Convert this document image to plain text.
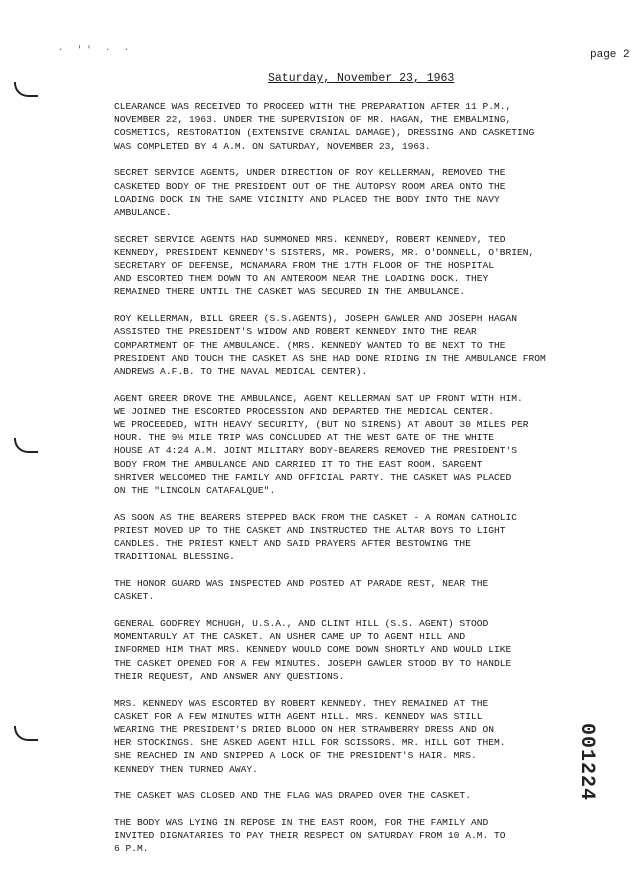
· '' · ·	page 2
Saturday, November 23, 1963

CLEARANCE WAS RECEIVED TO PROCEED WITH THE PREPARATION AFTER 11 P.M.,
NOVEMBER 22, 1963. UNDER THE SUPERVISION OF MR. HAGAN, THE EMBALMING,
COSMETICS, RESTORATION (EXTENSIVE CRANIAL DAMAGE), DRESSING AND CASKETING
WAS COMPLETED BY 4 A.M. ON SATURDAY, NOVEMBER 23, 1963.

SECRET SERVICE AGENTS, UNDER DIRECTION OF ROY KELLERMAN, REMOVED THE
CASKETED BODY OF THE PRESIDENT OUT OF THE AUTOPSY ROOM AREA ONTO THE
LOADING DOCK IN THE SAME VICINITY AND PLACED THE BODY INTO THE NAVY
AMBULANCE.

SECRET SERVICE AGENTS HAD SUMMONED MRS. KENNEDY, ROBERT KENNEDY, TED
KENNEDY, PRESIDENT KENNEDY'S SISTERS, MR. POWERS, MR. O'DONNELL, O'BRIEN,
SECRETARY OF DEFENSE, MCNAMARA FROM THE 17TH FLOOR OF THE HOSPITAL
AND ESCORTED THEM DOWN TO AN ANTEROOM NEAR THE LOADING DOCK. THEY
REMAINED THERE UNTIL THE CASKET WAS SECURED IN THE AMBULANCE.

ROY KELLERMAN, BILL GREER (S.S.AGENTS), JOSEPH GAWLER AND JOSEPH HAGAN
ASSISTED THE PRESIDENT'S WIDOW AND ROBERT KENNEDY INTO THE REAR
COMPARTMENT OF THE AMBULANCE. (MRS. KENNEDY WANTED TO BE NEXT TO THE
PRESIDENT AND TOUCH THE CASKET AS SHE HAD DONE RIDING IN THE AMBULANCE FROM
ANDREWS A.F.B. TO THE NAVAL MEDICAL CENTER).

AGENT GREER DROVE THE AMBULANCE, AGENT KELLERMAN SAT UP FRONT WITH HIM.
WE JOINED THE ESCORTED PROCESSION AND DEPARTED THE MEDICAL CENTER.
WE PROCEEDED, WITH HEAVY SECURITY, (BUT NO SIRENS) AT ABOUT 30 MILES PER
HOUR. THE 9½ MILE TRIP WAS CONCLUDED AT THE WEST GATE OF THE WHITE
HOUSE AT 4:24 A.M. JOINT MILITARY BODY-BEARERS REMOVED THE PRESIDENT'S
BODY FROM THE AMBULANCE AND CARRIED IT TO THE EAST ROOM. SARGENT
SHRIVER WELCOMED THE FAMILY AND OFFICIAL PARTY. THE CASKET WAS PLACED
ON THE "LINCOLN CATAFALQUE".

AS SOON AS THE BEARERS STEPPED BACK FROM THE CASKET - A ROMAN CATHOLIC
PRIEST MOVED UP TO THE CASKET AND INSTRUCTED THE ALTAR BOYS TO LIGHT
CANDLES. THE PRIEST KNELT AND SAID PRAYERS AFTER BESTOWING THE
TRADITIONAL BLESSING.

THE HONOR GUARD WAS INSPECTED AND POSTED AT PARADE REST, NEAR THE
CASKET.

GENERAL GODFREY MCHUGH, U.S.A., AND CLINT HILL (S.S. AGENT) STOOD
MOMENTARULY AT THE CASKET. AN USHER CAME UP TO AGENT HILL AND
INFORMED HIM THAT MRS. KENNEDY WOULD COME DOWN SHORTLY AND WOULD LIKE
THE CASKET OPENED FOR A FEW MINUTES. JOSEPH GAWLER STOOD BY TO HANDLE
THEIR REQUEST, AND ANSWER ANY QUESTIONS.

MRS. KENNEDY WAS ESCORTED BY ROBERT KENNEDY. THEY REMAINED AT THE
CASKET FOR A FEW MINUTES WITH AGENT HILL. MRS. KENNEDY WAS STILL
WEARING THE PRESIDENT'S DRIED BLOOD ON HER STRAWBERRY DRESS AND ON
HER STOCKINGS. SHE ASKED AGENT HILL FOR SCISSORS. MR. HILL GOT THEM.
SHE REACHED IN AND SNIPPED A LOCK OF THE PRESIDENT'S HAIR. MRS.
KENNEDY THEN TURNED AWAY.

THE CASKET WAS CLOSED AND THE FLAG WAS DRAPED OVER THE CASKET.

THE BODY WAS LYING IN REPOSE IN THE EAST ROOM, FOR THE FAMILY AND
INVITED DIGNATARIES TO PAY THEIR RESPECT ON SATURDAY FROM 10 A.M. TO
6 P.M.

001224
